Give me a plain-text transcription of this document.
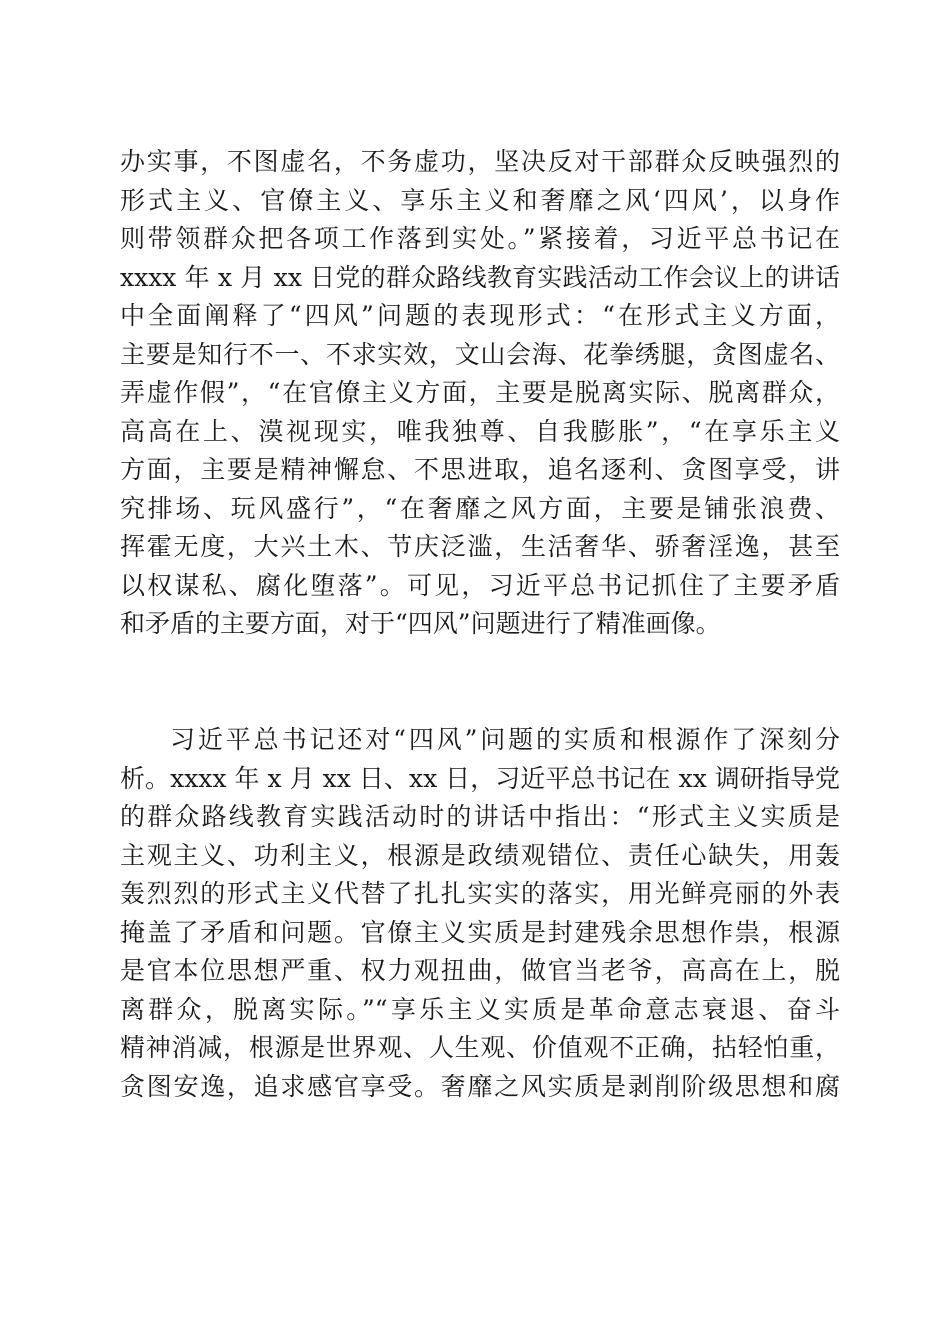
办实事，不图虚名，不务虚功，坚决反对干部群众反映强烈的
形式主义、官僚主义、享乐主义和奢靡之风‘四风’，以身作
则带领群众把各项工作落到实处。”紧接着，习近平总书记在
xxxx 年 x 月 xx 日党的群众路线教育实践活动工作会议上的讲话
中全面阐释了“四风”问题的表现形式：“在形式主义方面，
主要是知行不一、不求实效，文山会海、花拳绣腿，贪图虚名、
弄虚作假”，“在官僚主义方面，主要是脱离实际、脱离群众，
高高在上、漠视现实，唯我独尊、自我膨胀”，“在享乐主义
方面，主要是精神懈怠、不思进取，追名逐利、贪图享受，讲
究排场、玩风盛行”，“在奢靡之风方面，主要是铺张浪费、
挥霍无度，大兴土木、节庆泛滥，生活奢华、骄奢淫逸，甚至
以权谋私、腐化堕落”。可见，习近平总书记抓住了主要矛盾
和矛盾的主要方面，对于“四风”问题进行了精准画像。
习近平总书记还对“四风”问题的实质和根源作了深刻分
析。xxxx 年 x 月 xx 日、xx 日，习近平总书记在 xx 调研指导党
的群众路线教育实践活动时的讲话中指出：“形式主义实质是
主观主义、功利主义，根源是政绩观错位、责任心缺失，用轰
轰烈烈的形式主义代替了扎扎实实的落实，用光鲜亮丽的外表
掩盖了矛盾和问题。官僚主义实质是封建残余思想作祟，根源
是官本位思想严重、权力观扭曲，做官当老爷，高高在上，脱
离群众，脱离实际。”“享乐主义实质是革命意志衰退、奋斗
精神消减，根源是世界观、人生观、价值观不正确，拈轻怕重，
贪图安逸，追求感官享受。奢靡之风实质是剥削阶级思想和腐
